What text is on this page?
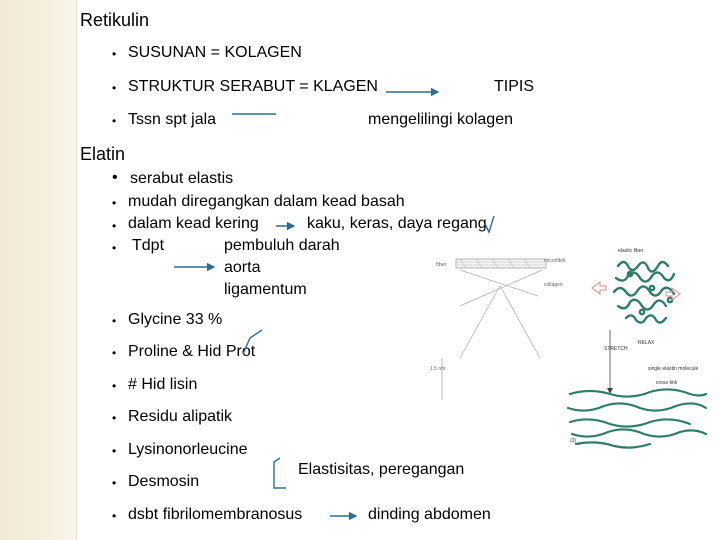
Retikulin
• SUSUNAN = KOLAGEN
• STRUKTUR SERABUT = KLAGEN	TIPIS
• Tssn spt jala	mengelilingi kolagen
Elatin
• serabut elastis
• mudah diregangkan dalam kead basah
• dalam kead kering	kaku, keras, daya regang
• Tdpt	pembuluh darah
aorta
ligamentum
• Glycine 33 %
• Proline & Hid Prot
• # Hid lisin
• Residu alipatik
• Lysinonorleucine
• Desmosin
Elastisitas, peregangan
• dsbt fibrilomembranosus	dinding abdomen
fiber
microfibril
collagen
1.5 nm
elastic fiber
STRETCH
RELAX
single elastin molecule
cross-link
(3)
